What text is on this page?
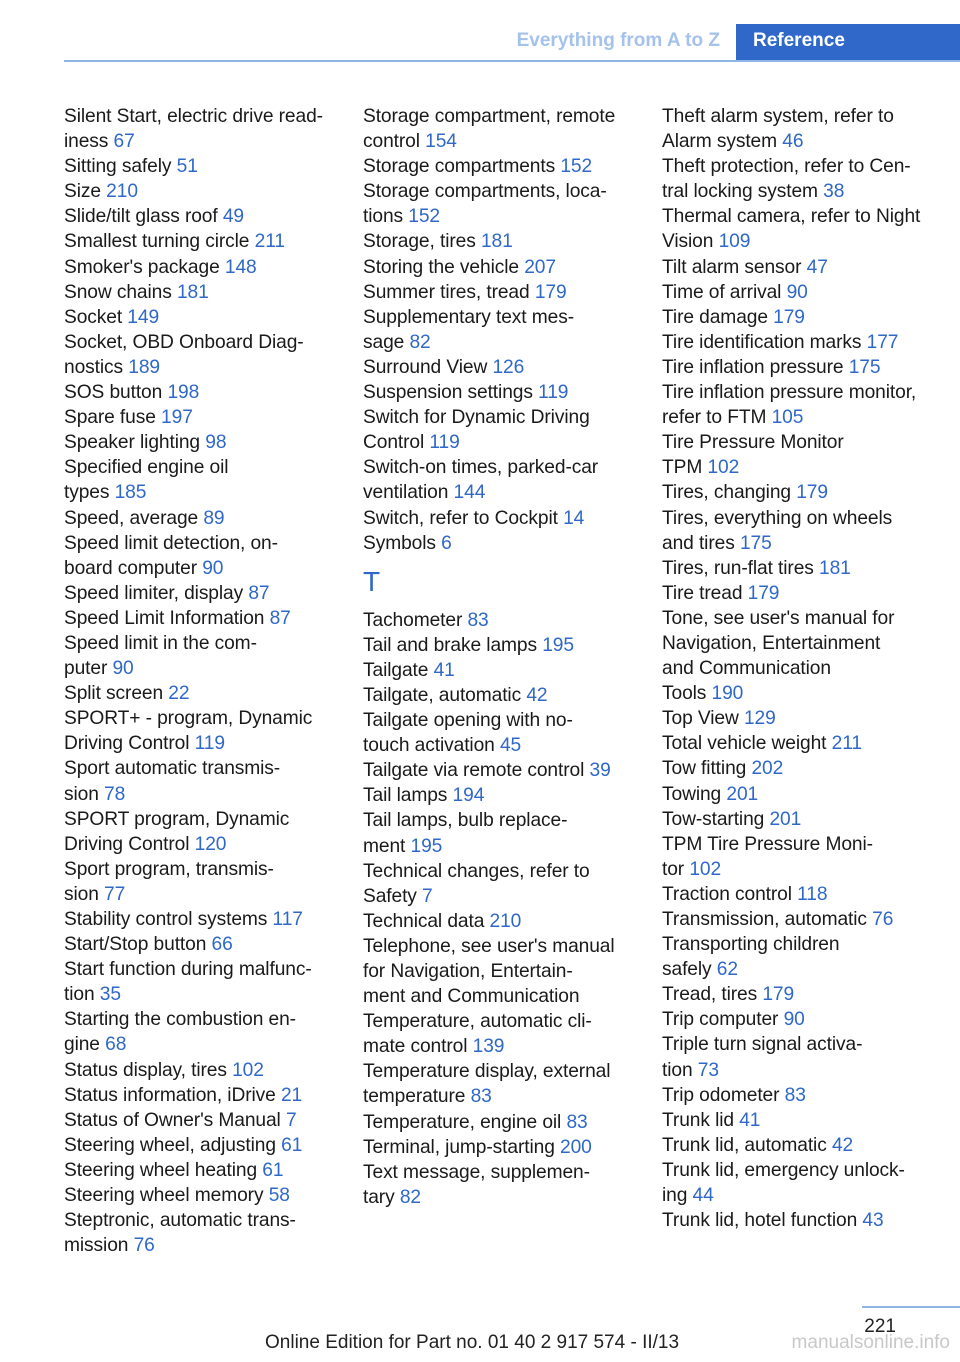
Everything from A to Z	Reference
Silent Start, electric drive read-
iness 67
Sitting safely 51
Size 210
Slide/tilt glass roof 49
Smallest turning circle 211
Smoker's package 148
Snow chains 181
Socket 149
Socket, OBD Onboard Diag-
nostics 189
SOS button 198
Spare fuse 197
Speaker lighting 98
Specified engine oil
types 185
Speed, average 89
Speed limit detection, on-
board computer 90
Speed limiter, display 87
Speed Limit Information 87
Speed limit in the com-
puter 90
Split screen 22
SPORT+ - program, Dynamic
Driving Control 119
Sport automatic transmis-
sion 78
SPORT program, Dynamic
Driving Control 120
Sport program, transmis-
sion 77
Stability control systems 117
Start/Stop button 66
Start function during malfunc-
tion 35
Starting the combustion en-
gine 68
Status display, tires 102
Status information, iDrive 21
Status of Owner's Manual 7
Steering wheel, adjusting 61
Steering wheel heating 61
Steering wheel memory 58
Steptronic, automatic trans-
mission 76
Storage compartment, remote
control 154
Storage compartments 152
Storage compartments, loca-
tions 152
Storage, tires 181
Storing the vehicle 207
Summer tires, tread 179
Supplementary text mes-
sage 82
Surround View 126
Suspension settings 119
Switch for Dynamic Driving
Control 119
Switch-on times, parked-car
ventilation 144
Switch, refer to Cockpit 14
Symbols 6
T
Tachometer 83
Tail and brake lamps 195
Tailgate 41
Tailgate, automatic 42
Tailgate opening with no-
touch activation 45
Tailgate via remote control 39
Tail lamps 194
Tail lamps, bulb replace-
ment 195
Technical changes, refer to
Safety 7
Technical data 210
Telephone, see user's manual
for Navigation, Entertain-
ment and Communication
Temperature, automatic cli-
mate control 139
Temperature display, external
temperature 83
Temperature, engine oil 83
Terminal, jump-starting 200
Text message, supplemen-
tary 82
Theft alarm system, refer to
Alarm system 46
Theft protection, refer to Cen-
tral locking system 38
Thermal camera, refer to Night
Vision 109
Tilt alarm sensor 47
Time of arrival 90
Tire damage 179
Tire identification marks 177
Tire inflation pressure 175
Tire inflation pressure monitor,
refer to FTM 105
Tire Pressure Monitor
TPM 102
Tires, changing 179
Tires, everything on wheels
and tires 175
Tires, run-flat tires 181
Tire tread 179
Tone, see user's manual for
Navigation, Entertainment
and Communication
Tools 190
Top View 129
Total vehicle weight 211
Tow fitting 202
Towing 201
Tow-starting 201
TPM Tire Pressure Moni-
tor 102
Traction control 118
Transmission, automatic 76
Transporting children
safely 62
Tread, tires 179
Trip computer 90
Triple turn signal activa-
tion 73
Trip odometer 83
Trunk lid 41
Trunk lid, automatic 42
Trunk lid, emergency unlock-
ing 44
Trunk lid, hotel function 43
221
Online Edition for Part no. 01 40 2 917 574 - II/13	manualsonline.info
